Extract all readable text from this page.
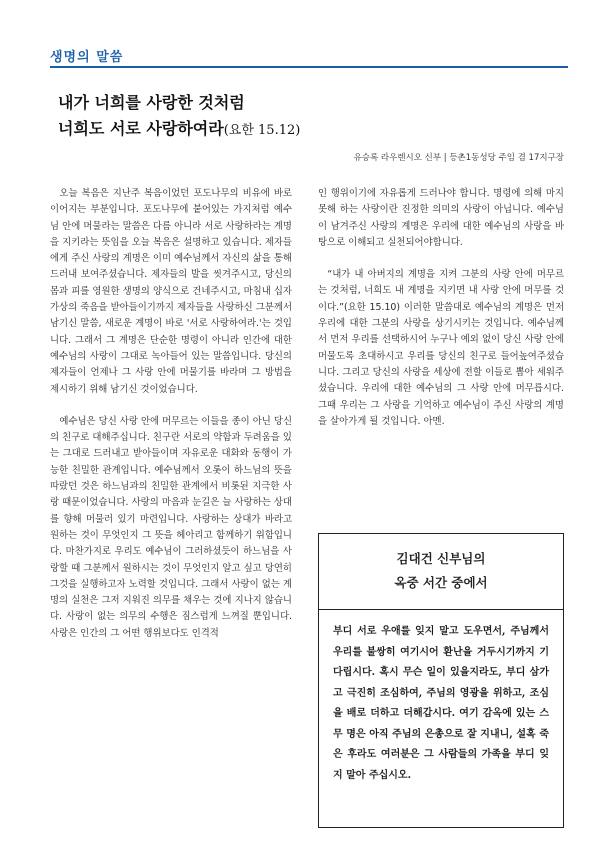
생명의 말씀
내가 너희를 사랑한 것처럼
너희도 서로 사랑하여라(요한 15.12)
유승록 라우렌시오 신부 | 등촌1동성당 주임 겸 17지구장

오늘 복음은 지난주 복음이었던 포도나무의 비유에 바로 이어지는 부분입니다. 포도나무에 붙어있는 가지처럼 예수님 안에 머물라는 말씀은 다름 아니라 서로 사랑하라는 계명을 지키라는 뜻임을 오늘 복음은 설명하고 있습니다. 제자들에게 주신 사랑의 계명은 이미 예수님께서 자신의 삶을 통해 드러내 보여주셨습니다. 제자들의 발을 씻겨주시고, 당신의 몸과 피를 영원한 생명의 양식으로 건네주시고, 마침내 십자가상의 죽음을 받아들이기까지 제자들을 사랑하신 그분께서 남기신 말씀, 새로운 계명이 바로 '서로 사랑하여라.'는 것입니다. 그래서 그 계명은 단순한 명령이 아니라 인간에 대한 예수님의 사랑이 그대로 녹아들어 있는 말씀입니다. 당신의 제자들이 언제나 그 사랑 안에 머물기를 바라며 그 방법을 제시하기 위해 남기신 것이었습니다.

예수님은 당신 사랑 안에 머무르는 이들을 종이 아닌 당신의 친구로 대해주십니다. 친구란 서로의 약함과 두려움을 있는 그대로 드러내고 받아들이며 자유로운 대화와 동행이 가능한 친밀한 관계입니다. 예수님께서 오롯이 하느님의 뜻을 따랐던 것은 하느님과의 친밀한 관계에서 비롯된 지극한 사랑 때문이었습니다. 사랑의 마음과 눈길은 늘 사랑하는 상대를 향해 머물러 있기 마련입니다. 사랑하는 상대가 바라고 원하는 것이 무엇인지 그 뜻을 헤아리고 함께하기 위함입니다. 마찬가지로 우리도 예수님이 그러하셨듯이 하느님을 사랑할 때 그분께서 원하시는 것이 무엇인지 알고 싶고 당연히 그것을 실행하고자 노력할 것입니다. 그래서 사랑이 없는 계명의 실천은 그저 지워진 의무를 채우는 것에 지나지 않습니다. 사랑이 없는 의무의 수행은 짐스럽게 느껴질 뿐입니다. 사랑은 인간의 그 어떤 행위보다도 인격적

인 행위이기에 자유롭게 드러나야 합니다. 명령에 의해 마지못해 하는 사랑이란 진정한 의미의 사랑이 아닙니다. 예수님이 남겨주신 사랑의 계명은 우리에 대한 예수님의 사랑을 바탕으로 이해되고 실천되어야합니다.

“내가 내 아버지의 계명을 지켜 그분의 사랑 안에 머무르는 것처럼, 너희도 내 계명을 지키면 내 사랑 안에 머무를 것이다.”(요한 15.10) 이러한 말씀대로 예수님의 계명은 먼저 우리에 대한 그분의 사랑을 상기시키는 것입니다. 예수님께서 먼저 우리를 선택하시어 누구나 예외 없이 당신 사랑 안에 머물도록 초대하시고 우리를 당신의 친구로 들어높여주셨습니다. 그리고 당신의 사랑을 세상에 전할 이들로 뽑아 세워주셨습니다. 우리에 대한 예수님의 그 사랑 안에 머무릅시다. 그때 우리는 그 사랑을 기억하고 예수님이 주신 사랑의 계명을 살아가게 될 것입니다. 아멘.

김대건 신부님의
옥중 서간 중에서
부디 서로 우애를 잊지 말고 도우면서, 주님께서 우리를 불쌍히 여기시어 환난을 거두시기까지 기다립시다. 혹시 무슨 일이 있을지라도, 부디 삼가고 극진히 조심하여, 주님의 영광을 위하고, 조심을 배로 더하고 더해갑시다. 여기 감옥에 있는 스무 명은 아직 주님의 은총으로 잘 지내니, 설혹 죽은 후라도 여러분은 그 사람들의 가족을 부디 잊지 말아 주십시오.
